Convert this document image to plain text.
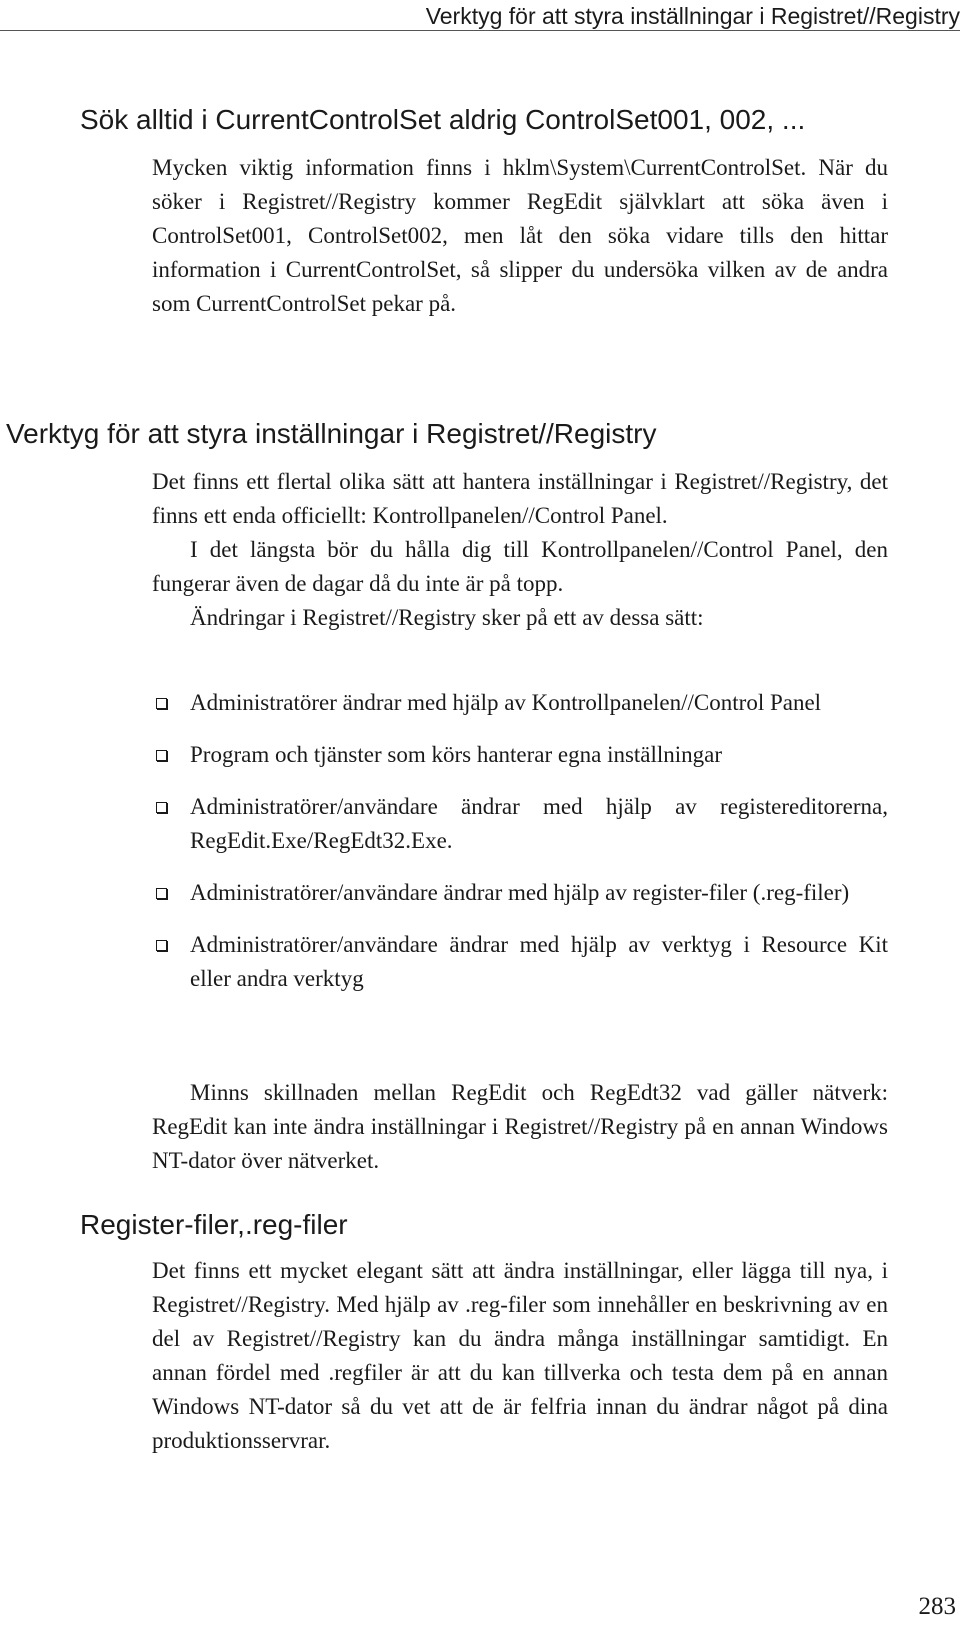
Verktyg för att styra inställningar i Registret//Registry
Sök alltid i CurrentControlSet aldrig ControlSet001, 002, ...

Mycken viktig information finns i hklm\System\CurrentControlSet. När du söker i Registret//Registry kommer RegEdit självklart att söka även i ControlSet001, ControlSet002, men låt den söka vidare tills den hittar information i CurrentControlSet, så slipper du undersöka vilken av de andra som CurrentControlSet pekar på.

Verktyg för att styra inställningar i Registret//Registry

Det finns ett flertal olika sätt att hantera inställningar i Registret//Registry, det finns ett enda officiellt: Kontrollpanelen//Control Panel.

I det längsta bör du hålla dig till Kontrollpanelen//Control Panel, den fungerar även de dagar då du inte är på topp.

Ändringar i Registret//Registry sker på ett av dessa sätt:

Administratörer ändrar med hjälp av Kontrollpanelen//Control Panel
Program och tjänster som körs hanterar egna inställningar
Administratörer/användare ändrar med hjälp av registereditorerna, RegEdit.Exe/RegEdt32.Exe.
Administratörer/användare ändrar med hjälp av register-filer (.reg-filer)
Administratörer/användare ändrar med hjälp av verktyg i Resource Kit eller andra verktyg

Minns skillnaden mellan RegEdit och RegEdt32 vad gäller nätverk: RegEdit kan inte ändra inställningar i Registret//Registry på en annan Windows NT-dator över nätverket.

Register-filer,.reg-filer

Det finns ett mycket elegant sätt att ändra inställningar, eller lägga till nya, i Registret//Registry. Med hjälp av .reg-filer som innehåller en beskrivning av en del av Registret//Registry kan du ändra många inställningar samtidigt. En annan fördel med .regfiler är att du kan tillverka och testa dem på en annan Windows NT-dator så du vet att de är felfria innan du ändrar något på dina produktionsservrar.

283
